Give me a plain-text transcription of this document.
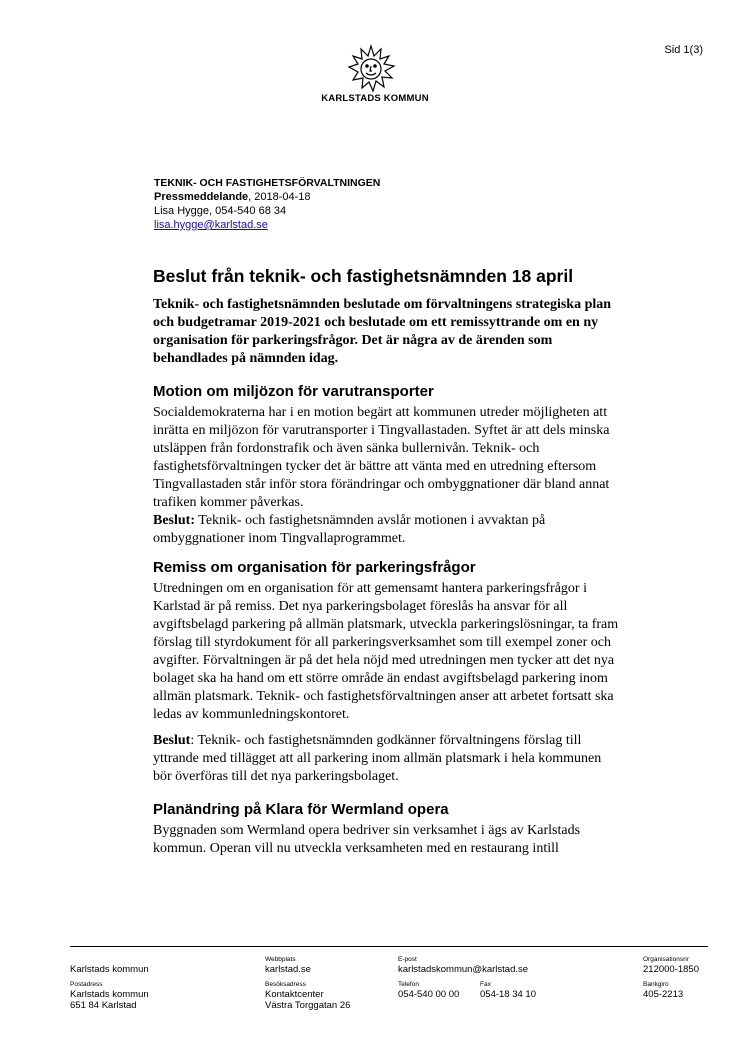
Sid 1(3)
KARLSTADS KOMMUN
TEKNIK- OCH FASTIGHETSFÖRVALTNINGEN
Pressmeddelande, 2018-04-18
Lisa Hygge, 054-540 68 34
lisa.hygge@karlstad.se
Beslut från teknik- och fastighetsnämnden 18 april
Teknik- och fastighetsnämnden beslutade om förvaltningens strategiska plan och budgetramar 2019-2021 och beslutade om ett remissyttrande om en ny organisation för parkeringsfrågor. Det är några av de ärenden som behandlades på nämnden idag.
Motion om miljözon för varutransporter

Socialdemokraterna har i en motion begärt att kommunen utreder möjligheten att inrätta en miljözon för varutransporter i Tingvallastaden. Syftet är att dels minska utsläppen från fordonstrafik och även sänka bullernivån. Teknik- och fastighetsförvaltningen tycker det är bättre att vänta med en utredning eftersom Tingvallastaden står inför stora förändringar och ombyggnationer där bland annat trafiken kommer påverkas.

Beslut: Teknik- och fastighetsnämnden avslår motionen i avvaktan på ombyggnationer inom Tingvallaprogrammet.

Remiss om organisation för parkeringsfrågor

Utredningen om en organisation för att gemensamt hantera parkeringsfrågor i Karlstad är på remiss. Det nya parkeringsbolaget föreslås ha ansvar för all avgiftsbelagd parkering på allmän platsmark, utveckla parkeringslösningar, ta fram förslag till styrdokument för all parkeringsverksamhet som till exempel zoner och avgifter. Förvaltningen är på det hela nöjd med utredningen men tycker att det nya bolaget ska ha hand om ett större område än endast avgiftsbelagd parkering inom allmän platsmark. Teknik- och fastighetsförvaltningen anser att arbetet fortsatt ska ledas av kommunledningskontoret.

Beslut: Teknik- och fastighetsnämnden godkänner förvaltningens förslag till yttrande med tillägget att all parkering inom allmän platsmark i hela kommunen bör överföras till det nya parkeringsbolaget.

Planändring på Klara för Wermland opera

Byggnaden som Wermland opera bedriver sin verksamhet i ägs av Karlstads kommun. Operan vill nu utveckla verksamheten med en restaurang intill

Karlstads kommun
Webbplats
karlstad.se
E-post
karlstadskommun@karlstad.se
Organisationsnr
212000-1850
Postadress
Karlstads kommun
651 84 Karlstad
Besöksadress
Kontaktcenter
Västra Torggatan 26
Telefon
054-540 00 00
Fax
054-18 34 10
Bankgiro
405-2213
